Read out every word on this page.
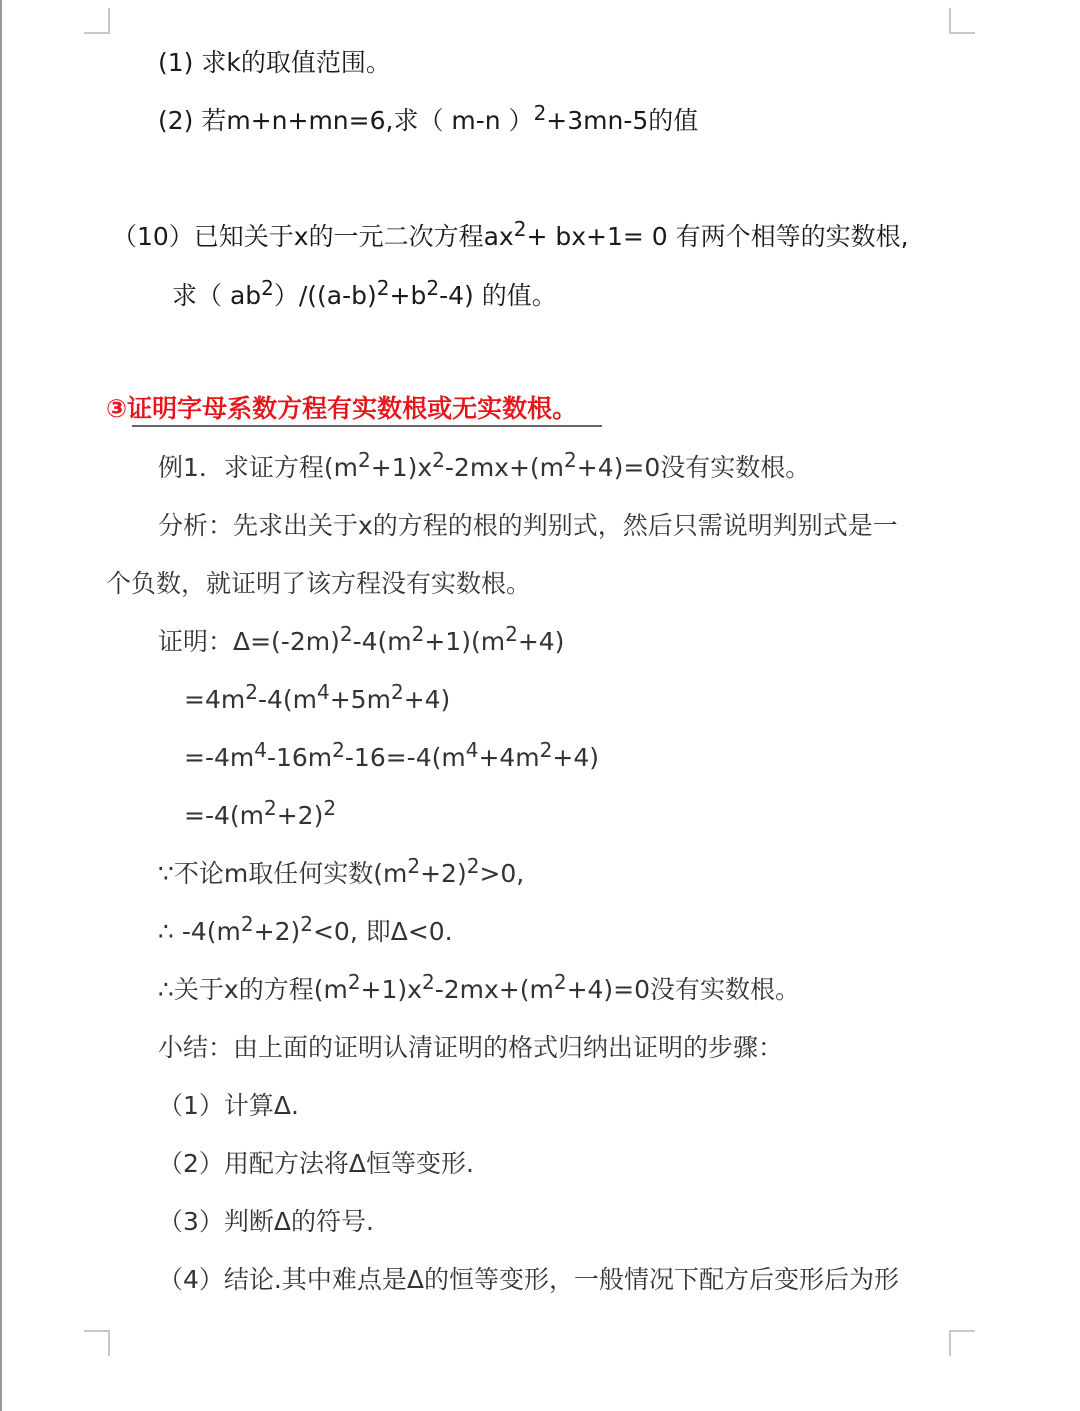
(1) 求k的取值范围。
(2) 若m+n+mn=6,求（ m-n ）$^2$+3mn-5的值
（10）已知关于x的一元二次方程$ax^2+ bx+1= 0$ 有两个相等的实数根,
求（ $ab^2)/((a-b)^2+b^2-4)$ 的值。
③证明字母系数方程有实数根或无实数根。
例1．求证方程$(m^2+1)x^2-2mx+(m^2+4)=0$没有实数根。
分析：先求出关于x的方程的根的判别式，然后只需说明判别式是一
个负数，就证明了该方程没有实数根。
证明：$\Delta=(-2m)^2-4(m^2+1)(m^2+4)$
$=4m^2-4(m^4+5m^2+4)$
$=-4m^4-16m^2-16=-4(m^4+4m^2+4)$
$=-4(m^2+2)^2$
∵不论m取任何实数$(m^2+2)^2>0$,
∴ $-4(m^2+2)^2<0$, 即Δ<0.
∴关于x的方程$(m^2+1)x^2-2mx+(m^2+4)=0$没有实数根。
小结：由上面的证明认清证明的格式归纳出证明的步骤：
（1）计算Δ.
（2）用配方法将Δ恒等变形.
（3）判断Δ的符号.
（4）结论.其中难点是Δ的恒等变形，一般情况下配方后变形后为形
